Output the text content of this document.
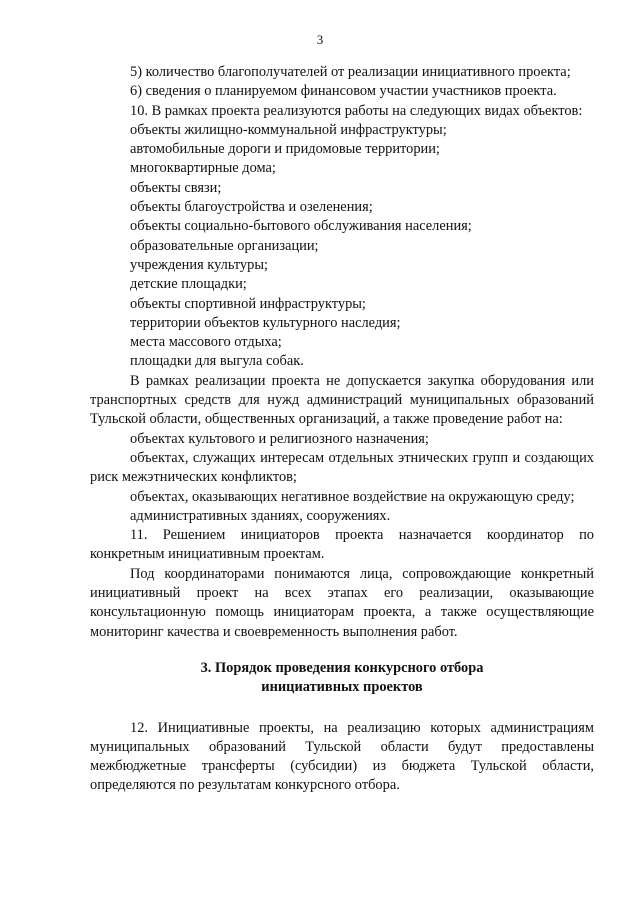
3

5) количество благополучателей от реализации инициативного проекта;

6) сведения о планируемом финансовом участии участников проекта.

10. В рамках проекта реализуются работы на следующих видах объектов:

объекты жилищно-коммунальной инфраструктуры;

автомобильные дороги и придомовые территории;

многоквартирные дома;

объекты связи;

объекты благоустройства и озеленения;

объекты социально-бытового обслуживания населения;

образовательные организации;

учреждения культуры;

детские площадки;

объекты спортивной инфраструктуры;

территории объектов культурного наследия;

места массового отдыха;

площадки для выгула собак.

В рамках реализации проекта не допускается закупка оборудования или транспортных средств для нужд администраций муниципальных образований Тульской области, общественных организаций, а также проведение работ на:

объектах культового и религиозного назначения;

объектах, служащих интересам отдельных этнических групп и создающих риск межэтнических конфликтов;

объектах, оказывающих негативное воздействие на окружающую среду;

административных зданиях, сооружениях.

11. Решением инициаторов проекта назначается координатор по конкретным инициативным проектам.

Под координаторами понимаются лица, сопровождающие конкретный инициативный проект на всех этапах его реализации, оказывающие консультационную помощь инициаторам проекта, а также осуществляющие мониторинг качества и своевременность выполнения работ.

3. Порядок проведения конкурсного отбора

инициативных проектов

12. Инициативные проекты, на реализацию которых администрациям муниципальных образований Тульской области будут предоставлены межбюджетные трансферты (субсидии) из бюджета Тульской области, определяются по результатам конкурсного отбора.
